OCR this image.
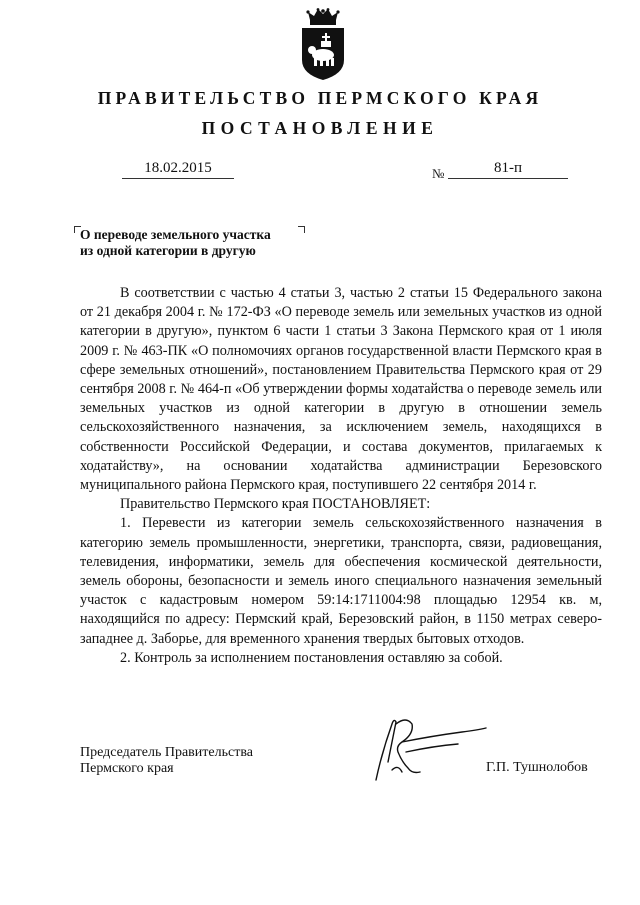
ПРАВИТЕЛЬСТВО ПЕРМСКОГО КРАЯ
ПОСТАНОВЛЕНИЕ
18.02.2015	№	81-п
О переводе земельного участка
из одной категории в другую

В соответствии с частью 4 статьи 3, частью 2 статьи 15 Федерального закона от 21 декабря 2004 г. № 172-ФЗ «О переводе земель или земельных участков из одной категории в другую», пунктом 6 части 1 статьи 3 Закона Пермского края от 1 июля 2009 г. № 463-ПК «О полномочиях органов государственной власти Пермского края в сфере земельных отношений», постановлением Правительства Пермского края от 29 сентября 2008 г. № 464-п «Об утверждении формы ходатайства о переводе земель или земельных участков из одной категории в другую в отношении земель сельскохозяйственного назначения, за исключением земель, находящихся в собственности Российской Федерации, и состава документов, прилагаемых к ходатайству», на основании ходатайства администрации Березовского муниципального района Пермского края, поступившего 22 сентября 2014 г.

Правительство Пермского края ПОСТАНОВЛЯЕТ:

1. Перевести из категории земель сельскохозяйственного назначения в категорию земель промышленности, энергетики, транспорта, связи, радиовещания, телевидения, информатики, земель для обеспечения космической деятельности, земель обороны, безопасности и земель иного специального назначения земельный участок с кадастровым номером 59:14:1711004:98 площадью 12954 кв. м, находящийся по адресу: Пермский край, Березовский район, в 1150 метрах северо-западнее д. Заборье, для временного хранения твердых бытовых отходов.

2. Контроль за исполнением постановления оставляю за собой.

Председатель Правительства
Пермского края	Г.П. Тушнолобов
